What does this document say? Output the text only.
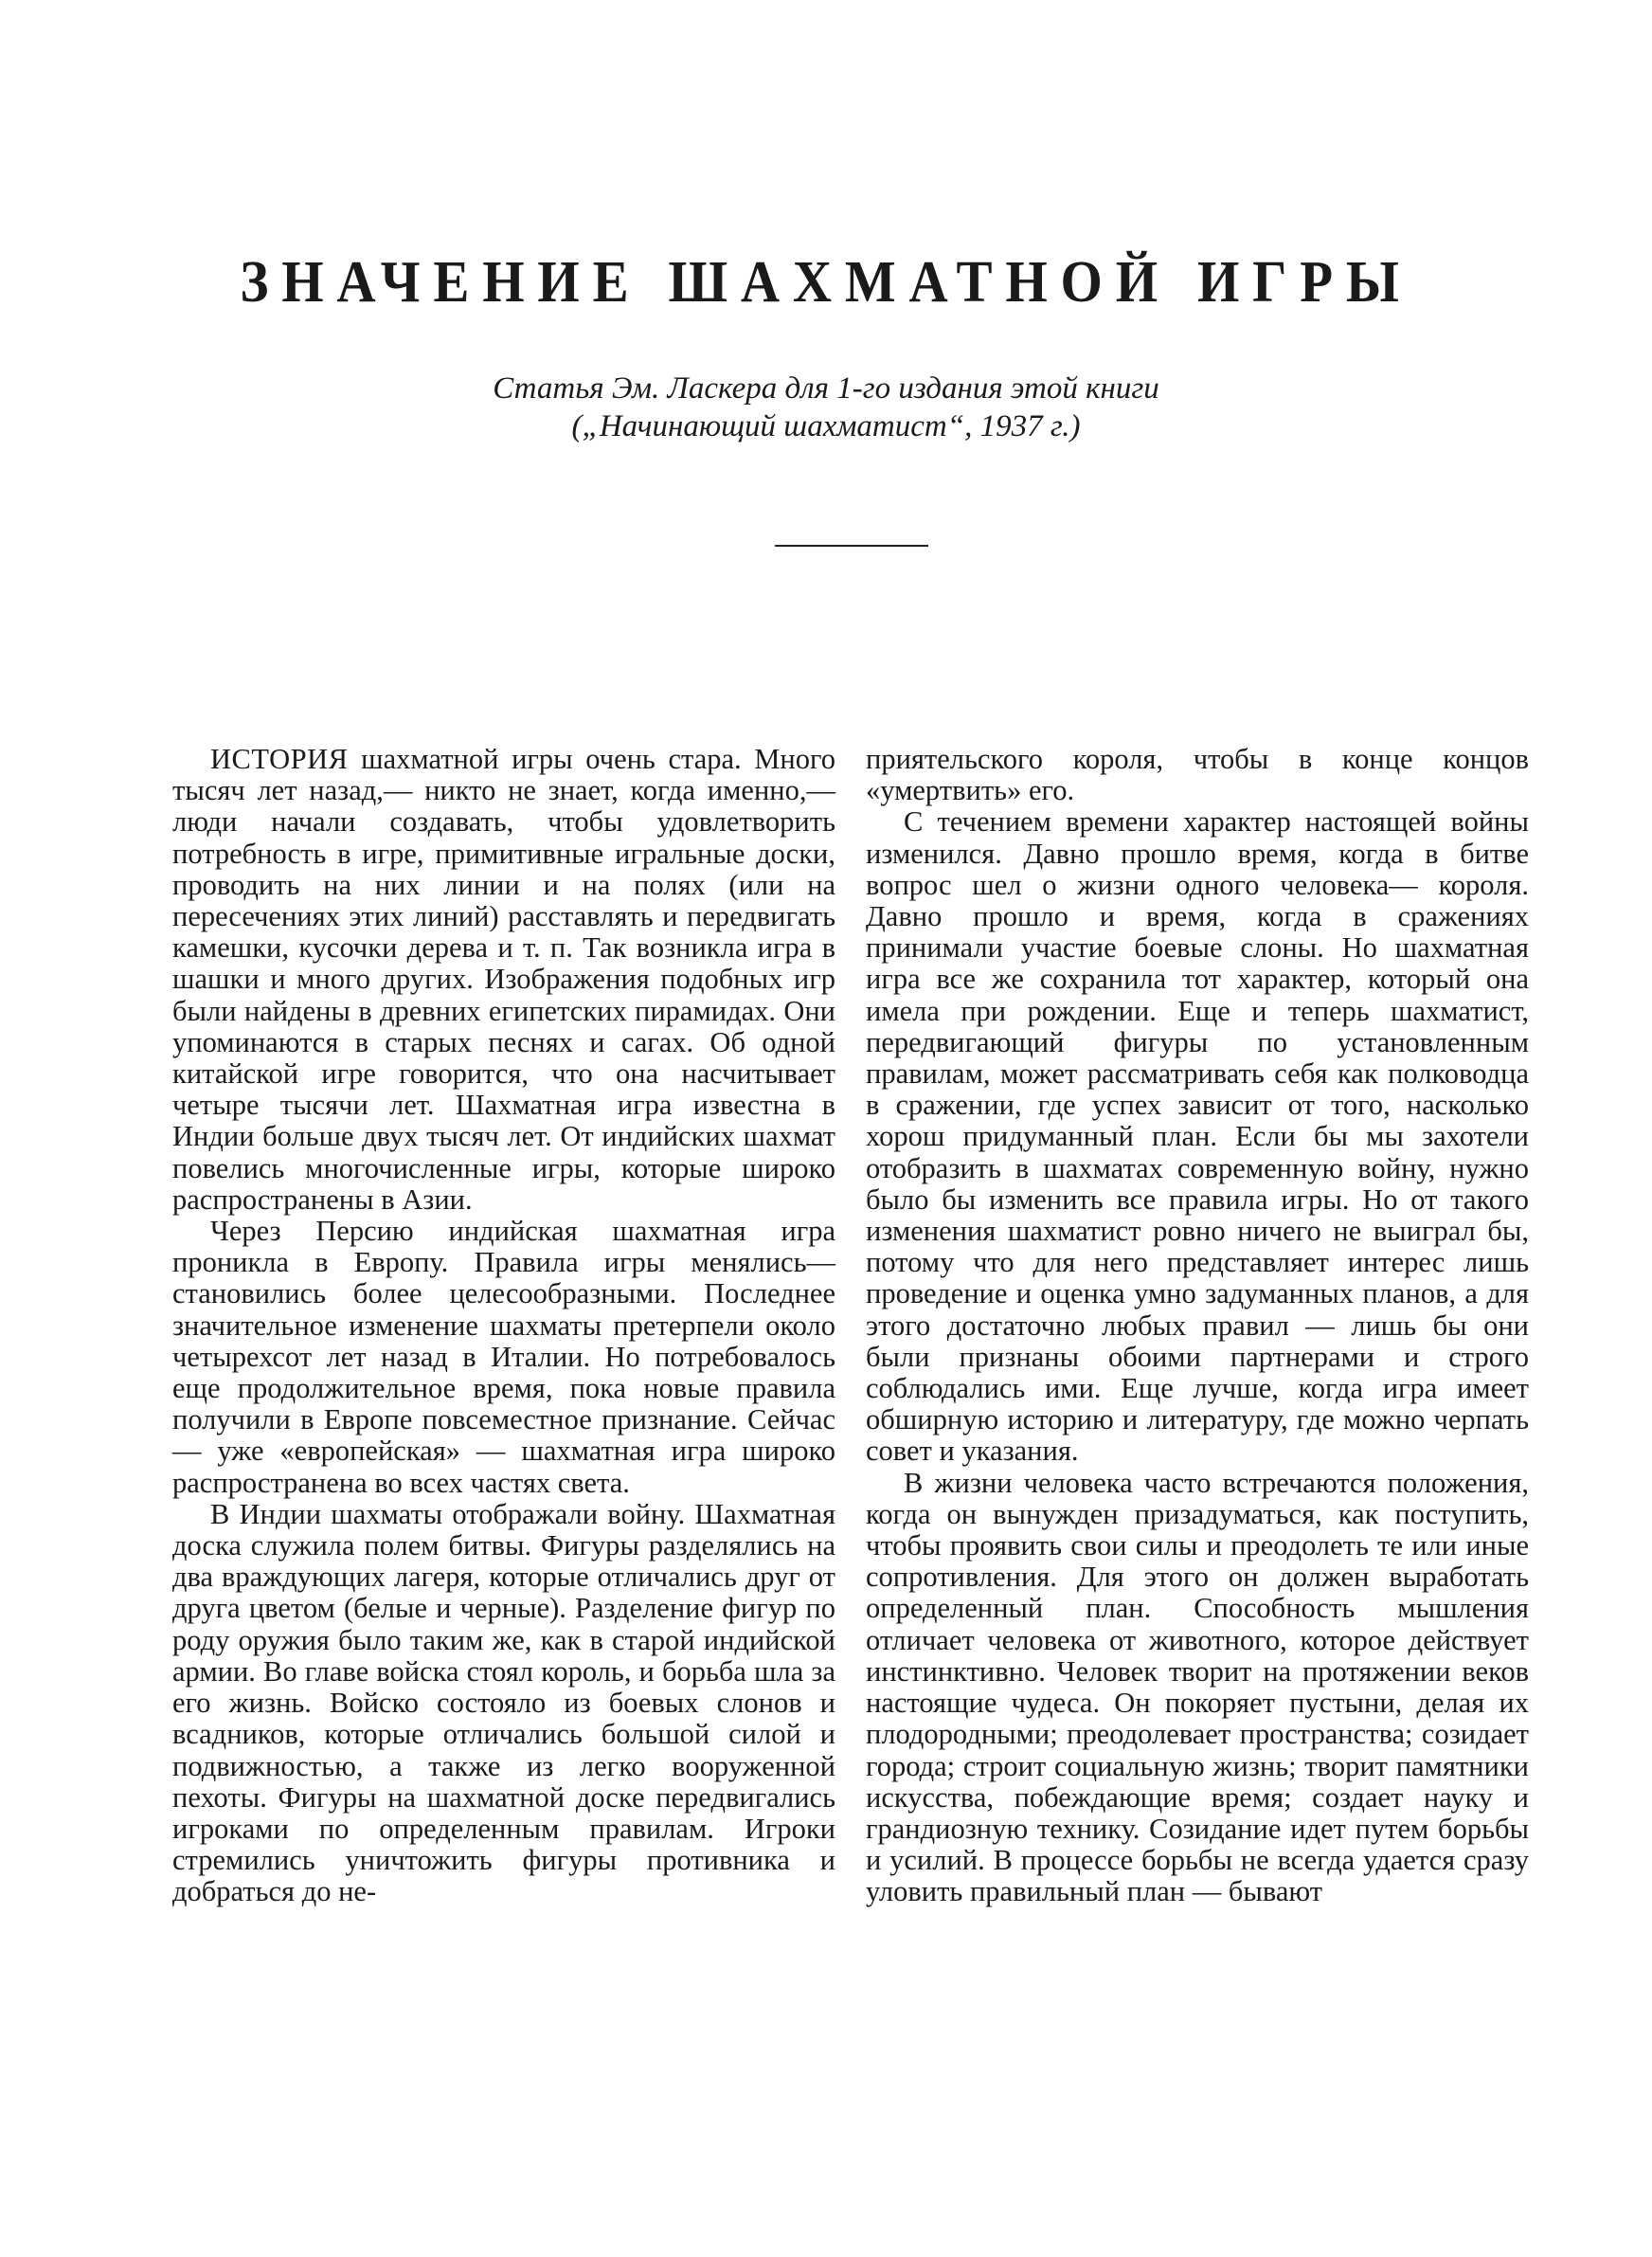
ЗНАЧЕНИЕ ШАХМАТНОЙ ИГРЫ
Статья Эм. Ласкера для 1-го издания этой книги
(„Начинающий шахматист“, 1937 г.)

ИСТОРИЯ шахматной игры очень стара. Много тысяч лет назад,— никто не знает, когда именно,— люди начали создавать, чтобы удовлетворить потребность в игре, примитивные игральные доски, проводить на них линии и на полях (или на пересечениях этих линий) расставлять и передвигать камешки, кусочки дерева и т. п. Так возникла игра в шашки и много других. Изображения подобных игр были найдены в древних египетских пирамидах. Они упоминаются в старых песнях и сагах. Об одной китайской игре говорится, что она насчитывает четыре тысячи лет. Шахматная игра известна в Индии больше двух тысяч лет. От индийских шахмат повелись многочисленные игры, которые широко распространены в Азии.

Через Персию индийская шахматная игра проникла в Европу. Правила игры менялись— становились более целесообразными. Последнее значительное изменение шахматы претерпели около четырехсот лет назад в Италии. Но потребовалось еще продолжительное время, пока новые правила получили в Европе повсеместное признание. Сейчас — уже «европейская» — шахматная игра широко распространена во всех частях света.

В Индии шахматы отображали войну. Шахматная доска служила полем битвы. Фигуры разделялись на два враждующих лагеря, которые отличались друг от друга цветом (белые и черные). Разделение фигур по роду оружия было таким же, как в старой индийской армии. Во главе войска стоял король, и борьба шла за его жизнь. Войско состояло из боевых слонов и всадников, которые отличались большой силой и подвижностью, а также из легко вооруженной пехоты. Фигуры на шахматной доске передвигались игроками по определенным правилам. Игроки стремились уничтожить фигуры противника и добраться до не-

приятельского короля, чтобы в конце концов «умертвить» его.

С течением времени характер настоящей войны изменился. Давно прошло время, когда в битве вопрос шел о жизни одного человека— короля. Давно прошло и время, когда в сражениях принимали участие боевые слоны. Но шахматная игра все же сохранила тот характер, который она имела при рождении. Еще и теперь шахматист, передвигающий фигуры по установленным правилам, может рассматривать себя как полководца в сражении, где успех зависит от того, насколько хорош придуманный план. Если бы мы захотели отобразить в шахматах современную войну, нужно было бы изменить все правила игры. Но от такого изменения шахматист ровно ничего не выиграл бы, потому что для него представляет интерес лишь проведение и оценка умно задуманных планов, а для этого достаточно любых правил — лишь бы они были признаны обоими партнерами и строго соблюдались ими. Еще лучше, когда игра имеет обширную историю и литературу, где можно черпать совет и указания.

В жизни человека часто встречаются положения, когда он вынужден призадуматься, как поступить, чтобы проявить свои силы и преодолеть те или иные сопротивления. Для этого он должен выработать определенный план. Способность мышления отличает человека от животного, которое действует инстинктивно. Человек творит на протяжении веков настоящие чудеса. Он покоряет пустыни, делая их плодородными; преодолевает пространства; созидает города; строит социальную жизнь; творит памятники искусства, побеждающие время; создает науку и грандиозную технику. Созидание идет путем борьбы и усилий. В процессе борьбы не всегда удается сразу уловить правильный план — бывают
